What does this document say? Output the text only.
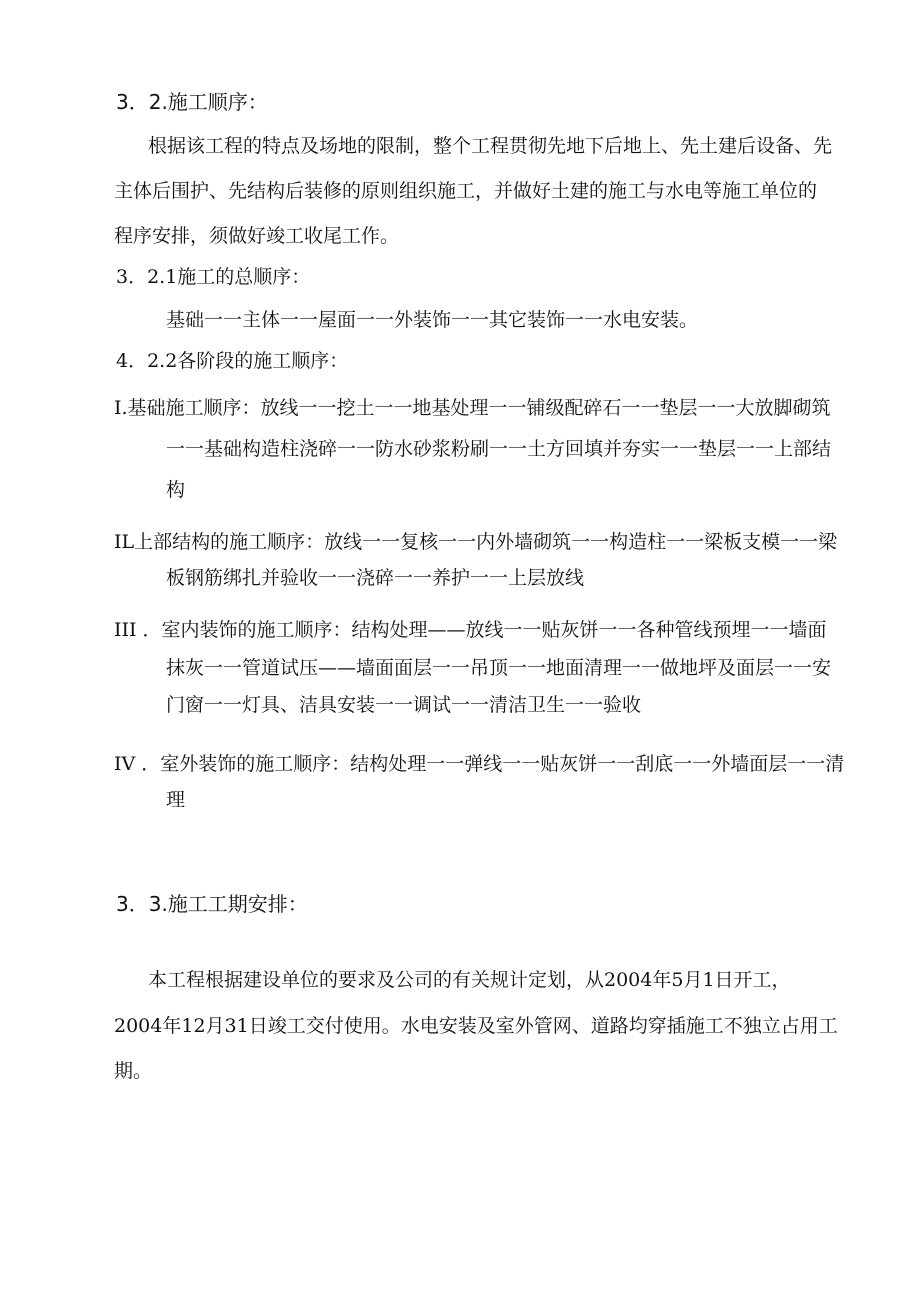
3．2.施工顺序：
根据该工程的特点及场地的限制，整个工程贯彻先地下后地上、先土建后设备、先
主体后围护、先结构后装修的原则组织施工，并做好土建的施工与水电等施工单位的
程序安排，须做好竣工收尾工作。
3．2.1施工的总顺序：
基础一一主体一一屋面一一外装饰一一其它装饰一一水电安装。
4．2.2各阶段的施工顺序：
I.基础施工顺序：放线一一挖土一一地基处理一一铺级配碎石一一垫层一一大放脚砌筑
一一基础构造柱浇碎一一防水砂浆粉刷一一土方回填并夯实一一垫层一一上部结
构
IL上部结构的施工顺序：放线一一复核一一内外墙砌筑一一构造柱一一梁板支模一一梁
板钢筋绑扎并验收一一浇碎一一养护一一上层放线
III ．室内装饰的施工顺序：结构处理——放线一一贴灰饼一一各种管线预埋一一墙面
抹灰一一管道试压——墙面面层一一吊顶一一地面清理一一做地坪及面层一一安
门窗一一灯具、洁具安装一一调试一一清洁卫生一一验收
IV ．室外装饰的施工顺序：结构处理一一弹线一一贴灰饼一一刮底一一外墙面层一一清
理
3．3.施工工期安排：
本工程根据建设单位的要求及公司的有关规计定划，从2004年5月1日开工，
2004年12月31日竣工交付使用。水电安装及室外管网、道路均穿插施工不独立占用工
期。
